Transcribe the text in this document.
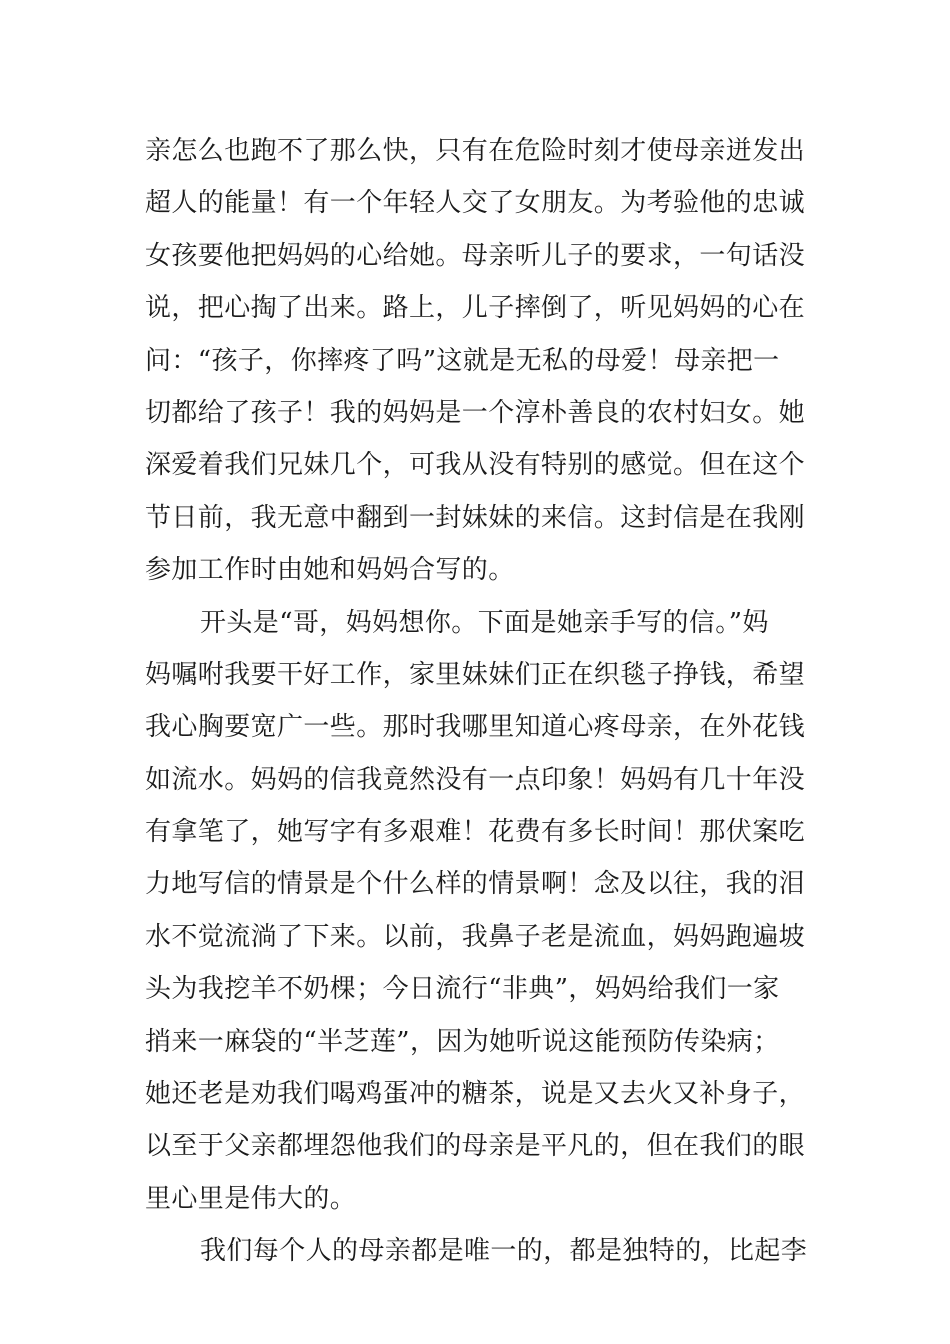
亲怎么也跑不了那么快，只有在危险时刻才使母亲迸发出
超人的能量！有一个年轻人交了女朋友。为考验他的忠诚
女孩要他把妈妈的心给她。母亲听儿子的要求，一句话没
说，把心掏了出来。路上，儿子摔倒了，听见妈妈的心在
问：“孩子，你摔疼了吗”这就是无私的母爱！母亲把一
切都给了孩子！我的妈妈是一个淳朴善良的农村妇女。她
深爱着我们兄妹几个，可我从没有特别的感觉。但在这个
节日前，我无意中翻到一封妹妹的来信。这封信是在我刚
参加工作时由她和妈妈合写的。
开头是“哥，妈妈想你。下面是她亲手写的信。”妈
妈嘱咐我要干好工作，家里妹妹们正在织毯子挣钱，希望
我心胸要宽广一些。那时我哪里知道心疼母亲，在外花钱
如流水。妈妈的信我竟然没有一点印象！妈妈有几十年没
有拿笔了，她写字有多艰难！花费有多长时间！那伏案吃
力地写信的情景是个什么样的情景啊！念及以往，我的泪
水不觉流淌了下来。以前，我鼻子老是流血，妈妈跑遍坡
头为我挖羊不奶棵；今日流行“非典”，妈妈给我们一家
捎来一麻袋的“半芝莲”，因为她听说这能预防传染病；
她还老是劝我们喝鸡蛋冲的糖茶，说是又去火又补身子，
以至于父亲都埋怨他我们的母亲是平凡的，但在我们的眼
里心里是伟大的。
我们每个人的母亲都是唯一的，都是独特的，比起李
